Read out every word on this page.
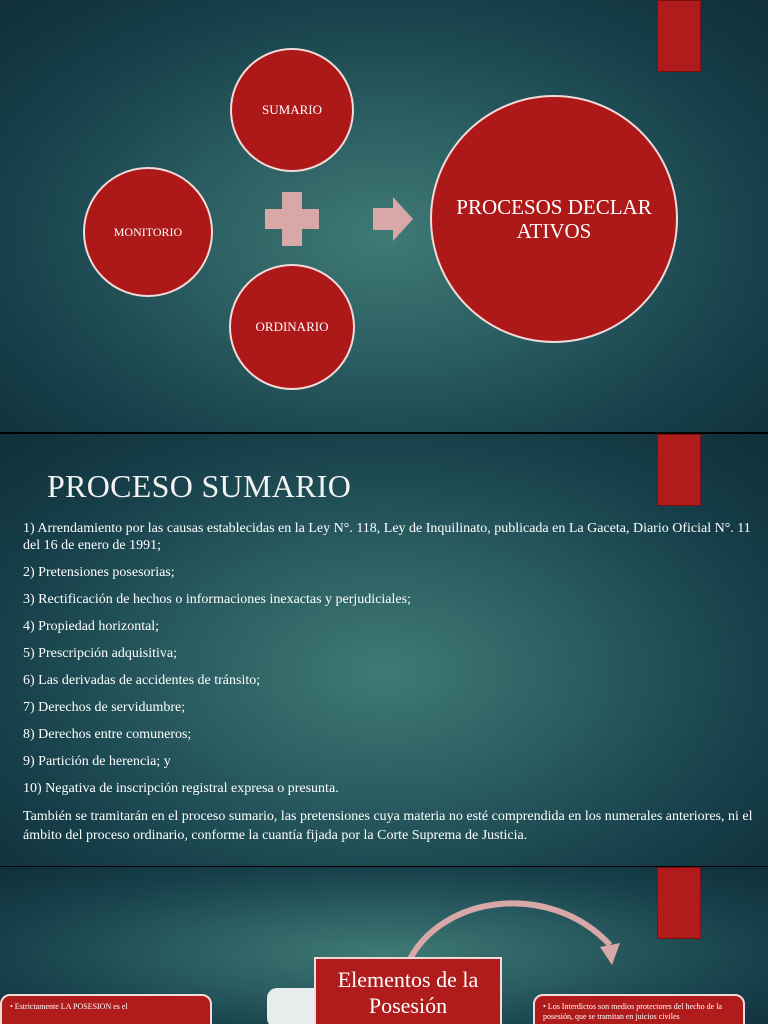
SUMARIO
MONITORIO
ORDINARIO
PROCESOS DECLARATIVOS
PROCESO SUMARIO
1) Arrendamiento por las causas establecidas en la Ley N°. 118, Ley de Inquilinato, publicada en La Gaceta, Diario Oficial N°. 11 del 16 de enero de 1991;
2) Pretensiones posesorias;
3) Rectificación de hechos o informaciones inexactas y perjudiciales;
4) Propiedad horizontal;
5) Prescripción adquisitiva;
6) Las derivadas de accidentes de tránsito;
7) Derechos de servidumbre;
8) Derechos entre comuneros;
9) Partición de herencia; y
10) Negativa de inscripción registral expresa o presunta.
También se tramitarán en el proceso sumario, las pretensiones cuya materia no esté comprendida en los numerales anteriores, ni el ámbito del proceso ordinario, conforme la cuantía fijada por la Corte Suprema de Justicia.
• Estrictamente LA POSESION es el
Elementos de la Posesión	• Los Interdictos son medios protectores del hecho de la posesión, que se tramitan en juicios civiles
